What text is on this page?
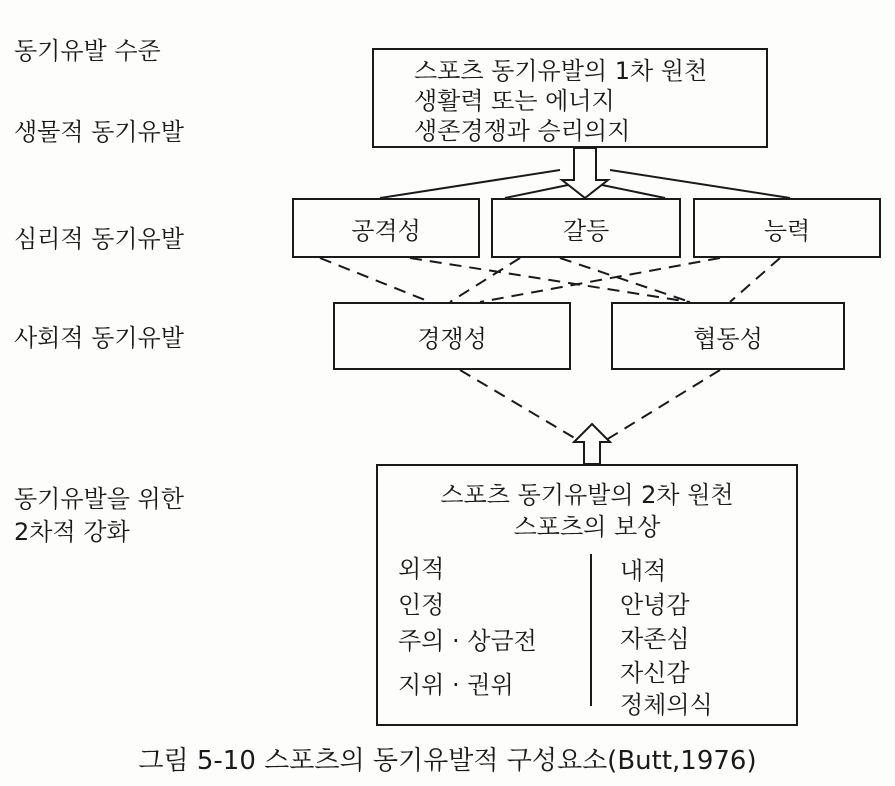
동기유발 수준
생물적 동기유발
심리적 동기유발
사회적 동기유발
동기유발을 위한
2차적 강화
스포츠 동기유발의 1차 원천
생활력 또는 에너지
생존경쟁과 승리의지
공격성	갈등	능력
경쟁성	협동성
스포츠 동기유발의 2차 원천
스포츠의 보상
외적
인정
주의 · 상금전
지위 · 권위
내적
안녕감
자존심
자신감
정체의식
그림 5-10 스포츠의 동기유발적 구성요소(Butt,1976)
